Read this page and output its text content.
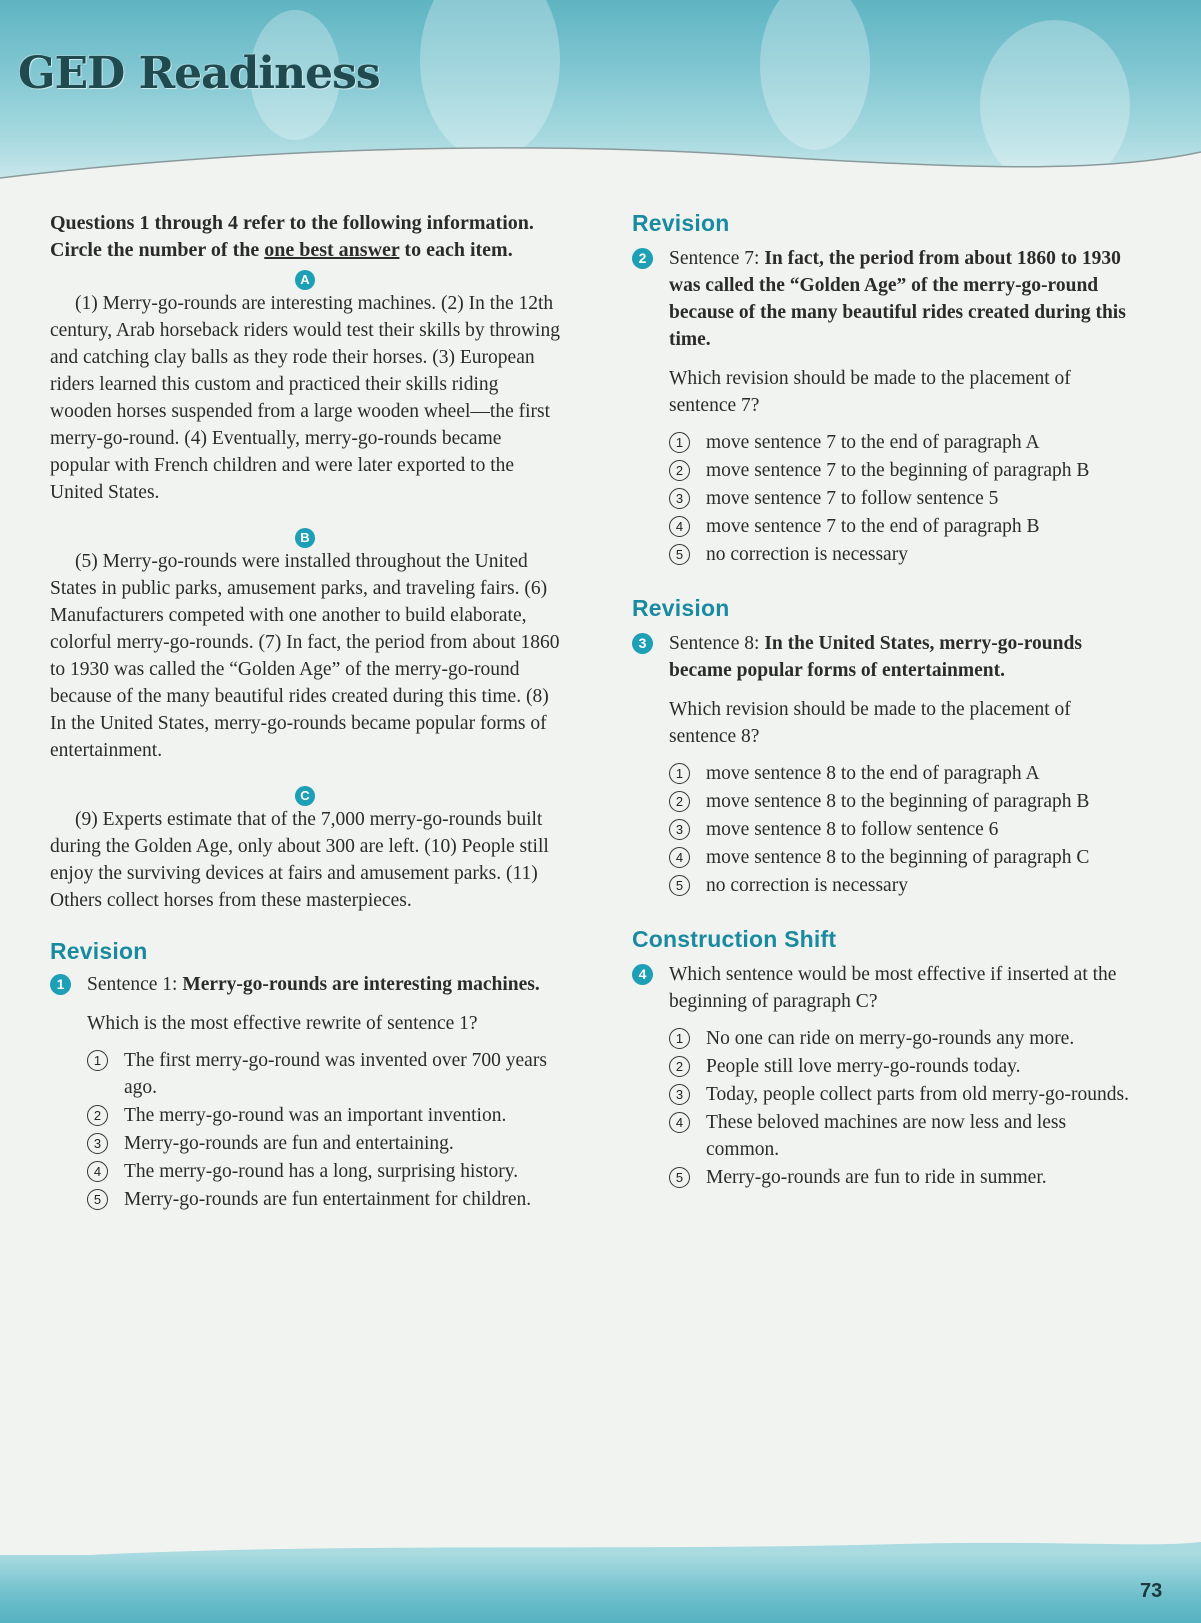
GED Readiness
Questions 1 through 4 refer to the following information. Circle the number of the one best answer to each item.
A

(1) Merry-go-rounds are interesting machines. (2) In the 12th century, Arab horseback riders would test their skills by throwing and catching clay balls as they rode their horses. (3) European riders learned this custom and practiced their skills riding wooden horses suspended from a large wooden wheel—the first merry-go-round. (4) Eventually, merry-go-rounds became popular with French children and were later exported to the United States.

B

(5) Merry-go-rounds were installed throughout the United States in public parks, amusement parks, and traveling fairs. (6) Manufacturers competed with one another to build elaborate, colorful merry-go-rounds. (7) In fact, the period from about 1860 to 1930 was called the “Golden Age” of the merry-go-round because of the many beautiful rides created during this time. (8) In the United States, merry-go-rounds became popular forms of entertainment.

C

(9) Experts estimate that of the 7,000 merry-go-rounds built during the Golden Age, only about 300 are left. (10) People still enjoy the surviving devices at fairs and amusement parks. (11) Others collect horses from these masterpieces.

Revision
1	Sentence 1: Merry-go-rounds are interesting machines.
Which is the most effective rewrite of sentence 1?
1	The first merry-go-round was invented over 700 years ago.
2	The merry-go-round was an important invention.
3	Merry-go-rounds are fun and entertaining.
4	The merry-go-round has a long, surprising history.
5	Merry-go-rounds are fun entertainment for children.
Revision
2	Sentence 7: In fact, the period from about 1860 to 1930 was called the “Golden Age” of the merry-go-round because of the many beautiful rides created during this time.
Which revision should be made to the placement of sentence 7?
1	move sentence 7 to the end of paragraph A
2	move sentence 7 to the beginning of paragraph B
3	move sentence 7 to follow sentence 5
4	move sentence 7 to the end of paragraph B
5	no correction is necessary
Revision
3	Sentence 8: In the United States, merry-go-rounds became popular forms of entertainment.
Which revision should be made to the placement of sentence 8?
1	move sentence 8 to the end of paragraph A
2	move sentence 8 to the beginning of paragraph B
3	move sentence 8 to follow sentence 6
4	move sentence 8 to the beginning of paragraph C
5	no correction is necessary
Construction Shift
4	Which sentence would be most effective if inserted at the beginning of paragraph C?
1	No one can ride on merry-go-rounds any more.
2	People still love merry-go-rounds today.
3	Today, people collect parts from old merry-go-rounds.
4	These beloved machines are now less and less common.
5	Merry-go-rounds are fun to ride in summer.
73
